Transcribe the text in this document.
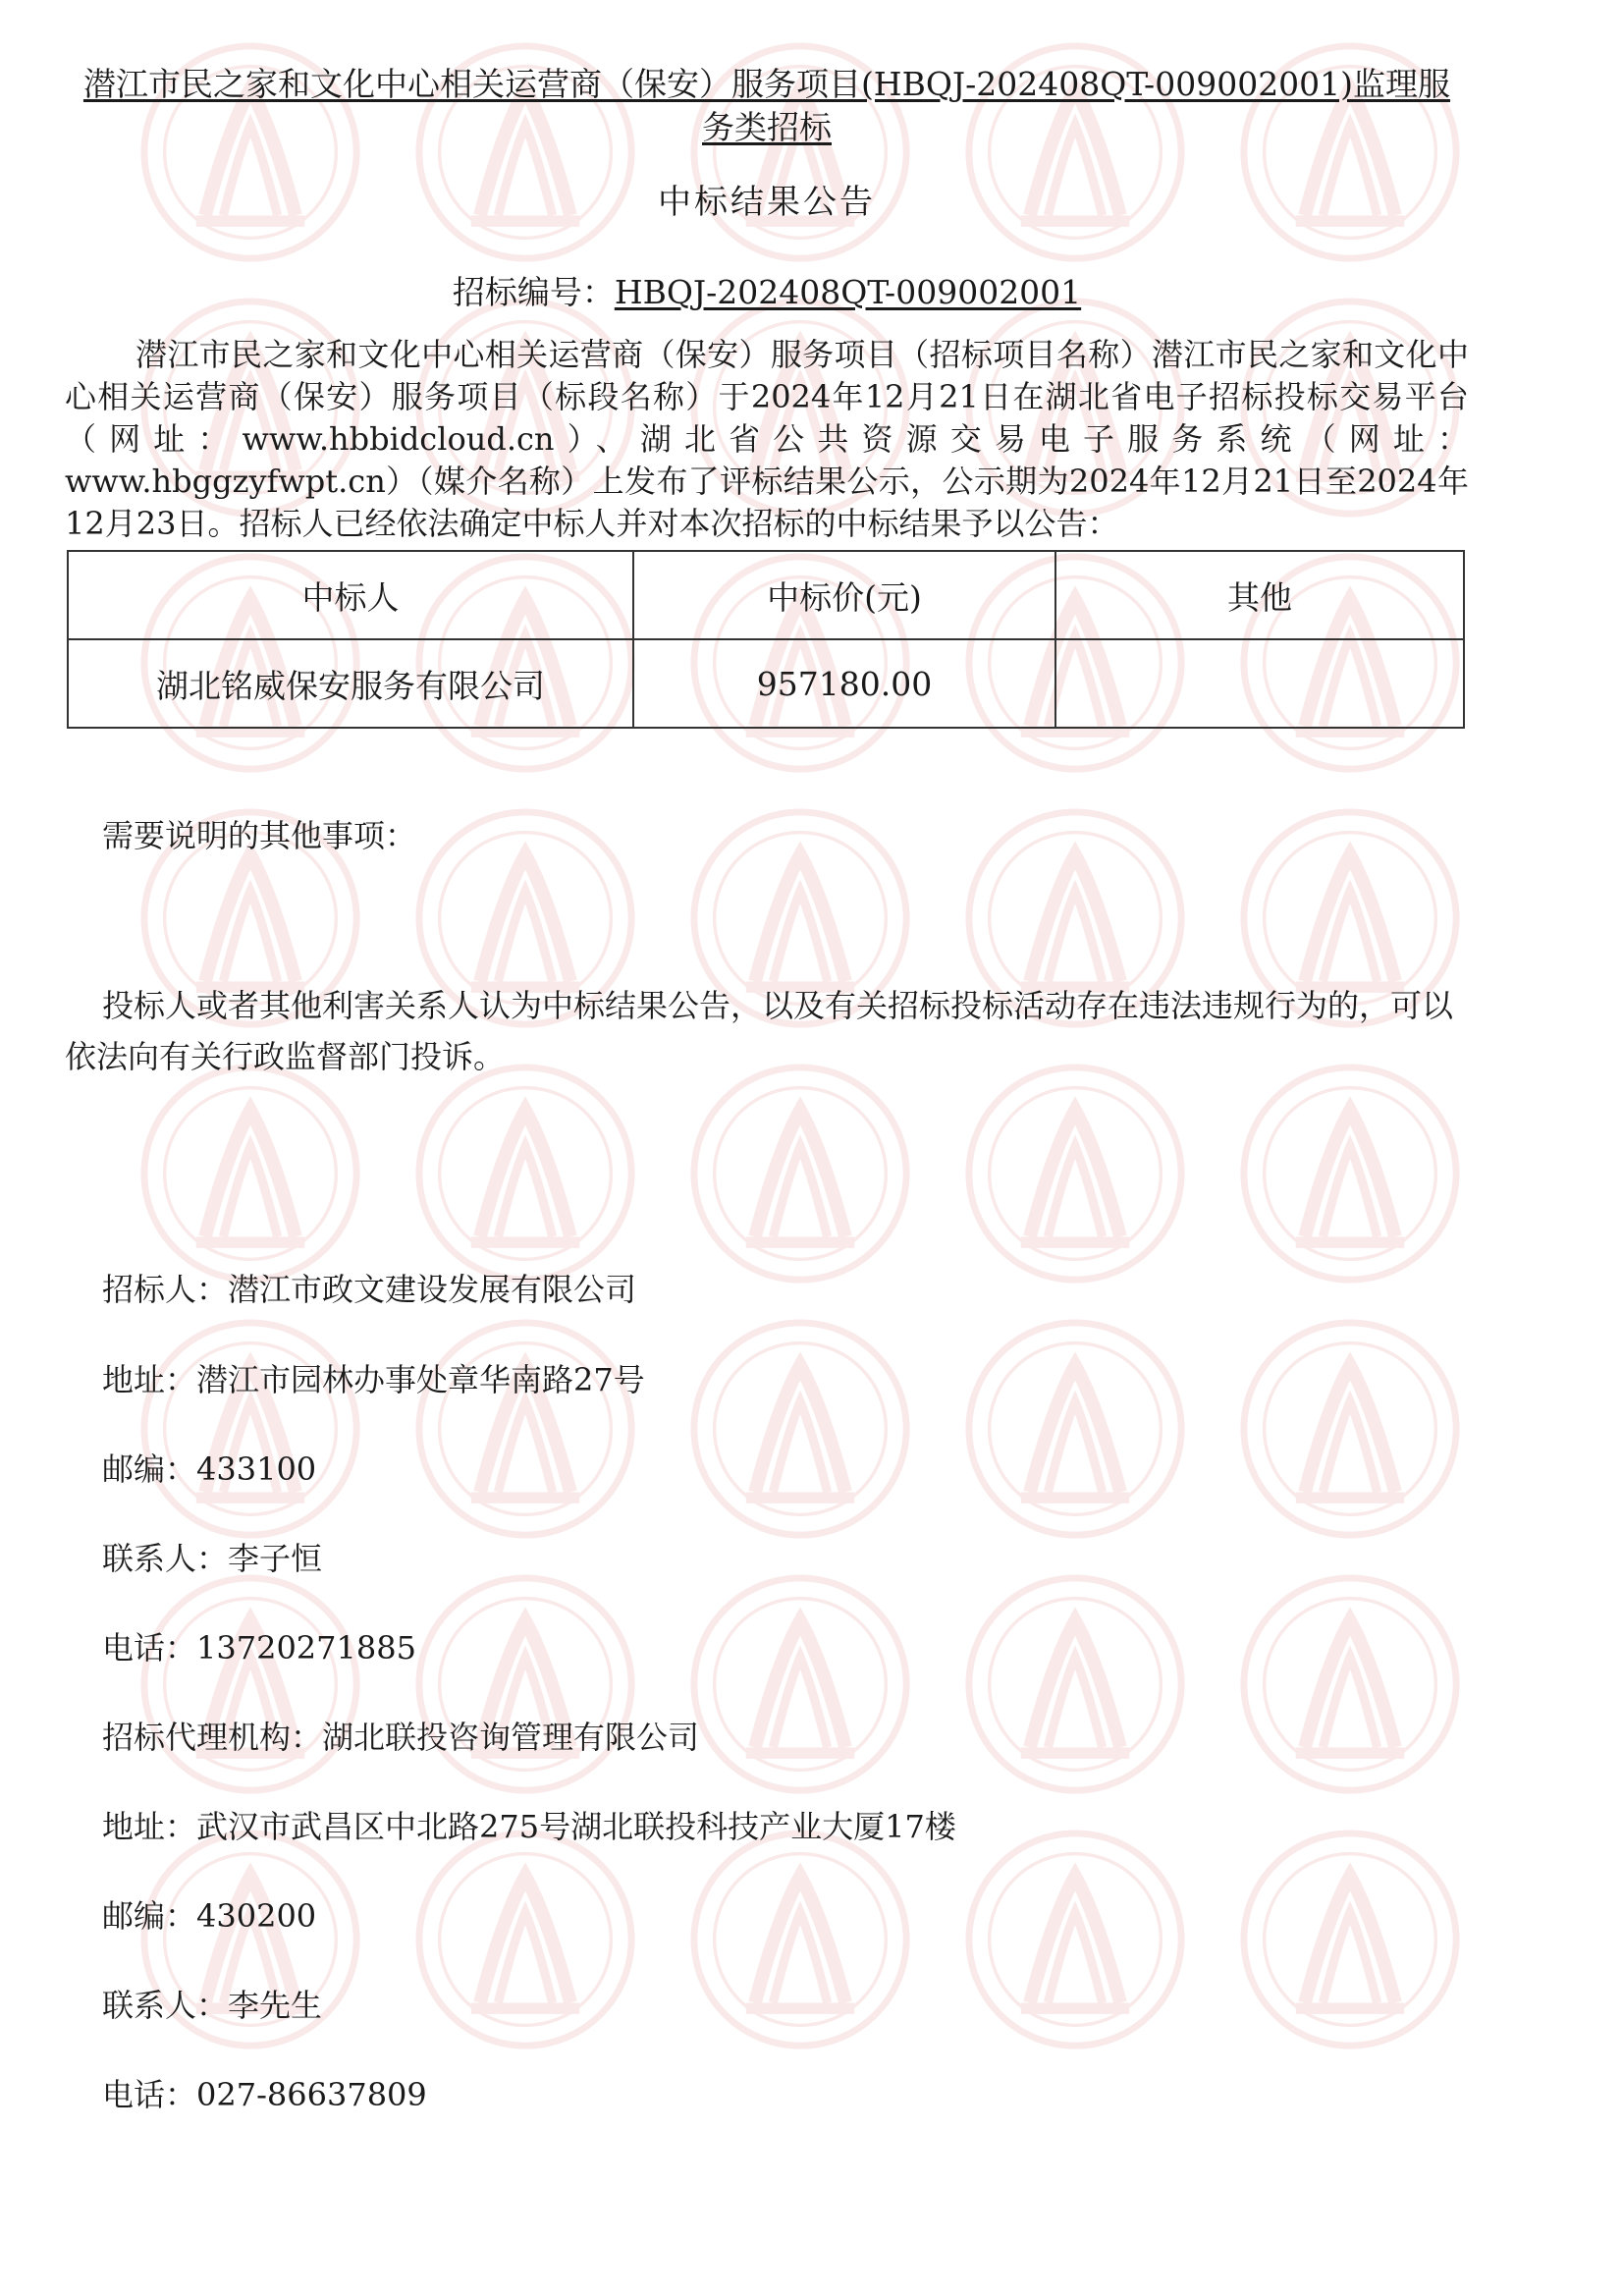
潜江市民之家和文化中心相关运营商（保安）服务项目(HBQJ-202408QT-009002001)监理服
务类招标
中标结果公告
招标编号：HBQJ-202408QT-009002001
潜江市民之家和文化中心相关运营商（保安）服务项目（招标项目名称）潜江市民之家和文化中心相关运营商（保安）服务项目（标段名称）于2024年12月21日在湖北省电子招标投标交易平台（网址：www.hbbidcloud.cn）、湖北省公共资源交易电子服务系统（网址：www.hbggzyfwpt.cn）（媒介名称）上发布了评标结果公示，公示期为2024年12月21日至2024年12月23日。招标人已经依法确定中标人并对本次招标的中标结果予以公告：
中标人	中标价(元)	其他
湖北铭威保安服务有限公司	957180.00	
需要说明的其他事项：
投标人或者其他利害关系人认为中标结果公告，以及有关招标投标活动存在违法违规行为的，可以依法向有关行政监督部门投诉。
招标人：潜江市政文建设发展有限公司
地址：潜江市园林办事处章华南路27号
邮编：433100
联系人：李子恒
电话：13720271885
招标代理机构：湖北联投咨询管理有限公司
地址：武汉市武昌区中北路275号湖北联投科技产业大厦17楼
邮编：430200
联系人：李先生
电话：027-86637809
